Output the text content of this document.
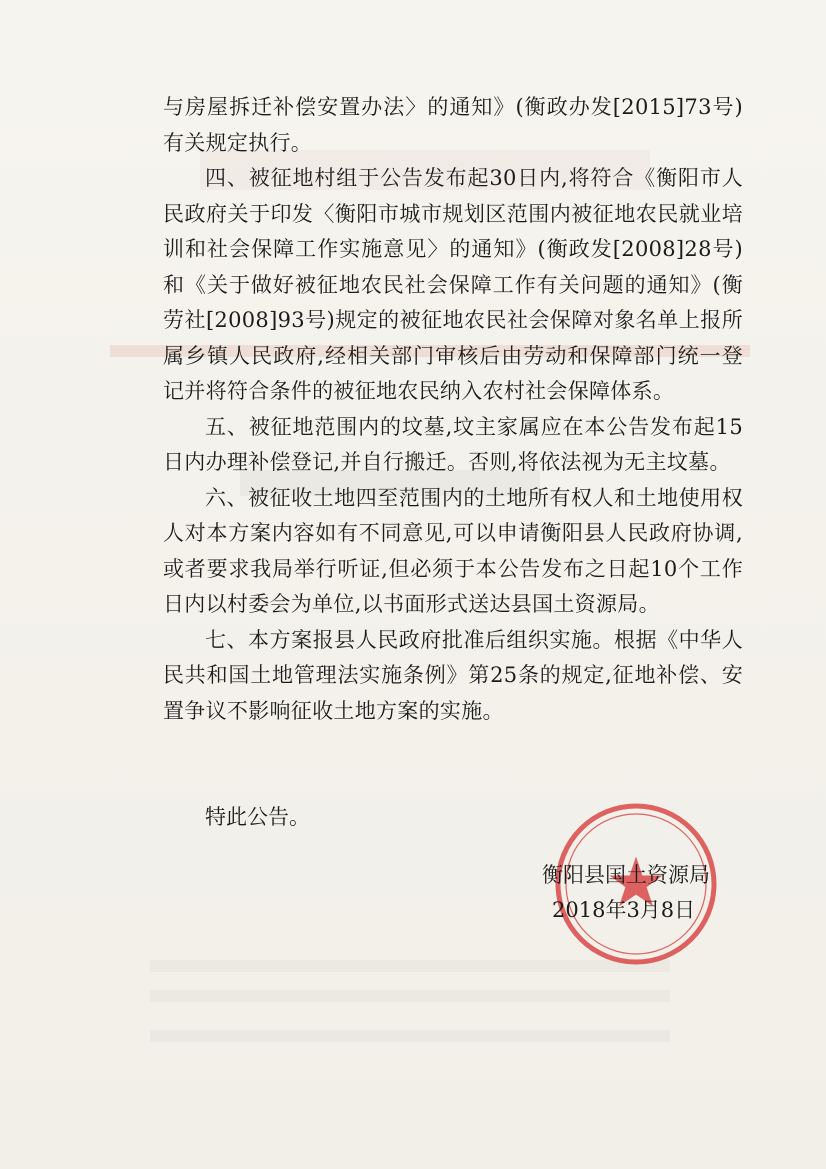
与房屋拆迁补偿安置办法〉的通知》(衡政办发[2015]73号)有关规定执行。

四、被征地村组于公告发布起30日内,将符合《衡阳市人民政府关于印发〈衡阳市城市规划区范围内被征地农民就业培训和社会保障工作实施意见〉的通知》(衡政发[2008]28号)和《关于做好被征地农民社会保障工作有关问题的通知》(衡劳社[2008]93号)规定的被征地农民社会保障对象名单上报所属乡镇人民政府,经相关部门审核后由劳动和保障部门统一登记并将符合条件的被征地农民纳入农村社会保障体系。

五、被征地范围内的坟墓,坟主家属应在本公告发布起15日内办理补偿登记,并自行搬迁。否则,将依法视为无主坟墓。

六、被征收土地四至范围内的土地所有权人和土地使用权人对本方案内容如有不同意见,可以申请衡阳县人民政府协调,或者要求我局举行听证,但必须于本公告发布之日起10个工作日内以村委会为单位,以书面形式送达县国土资源局。

七、本方案报县人民政府批准后组织实施。根据《中华人民共和国土地管理法实施条例》第25条的规定,征地补偿、安置争议不影响征收土地方案的实施。

特此公告。
衡阳县国土资源局
2018年3月8日
